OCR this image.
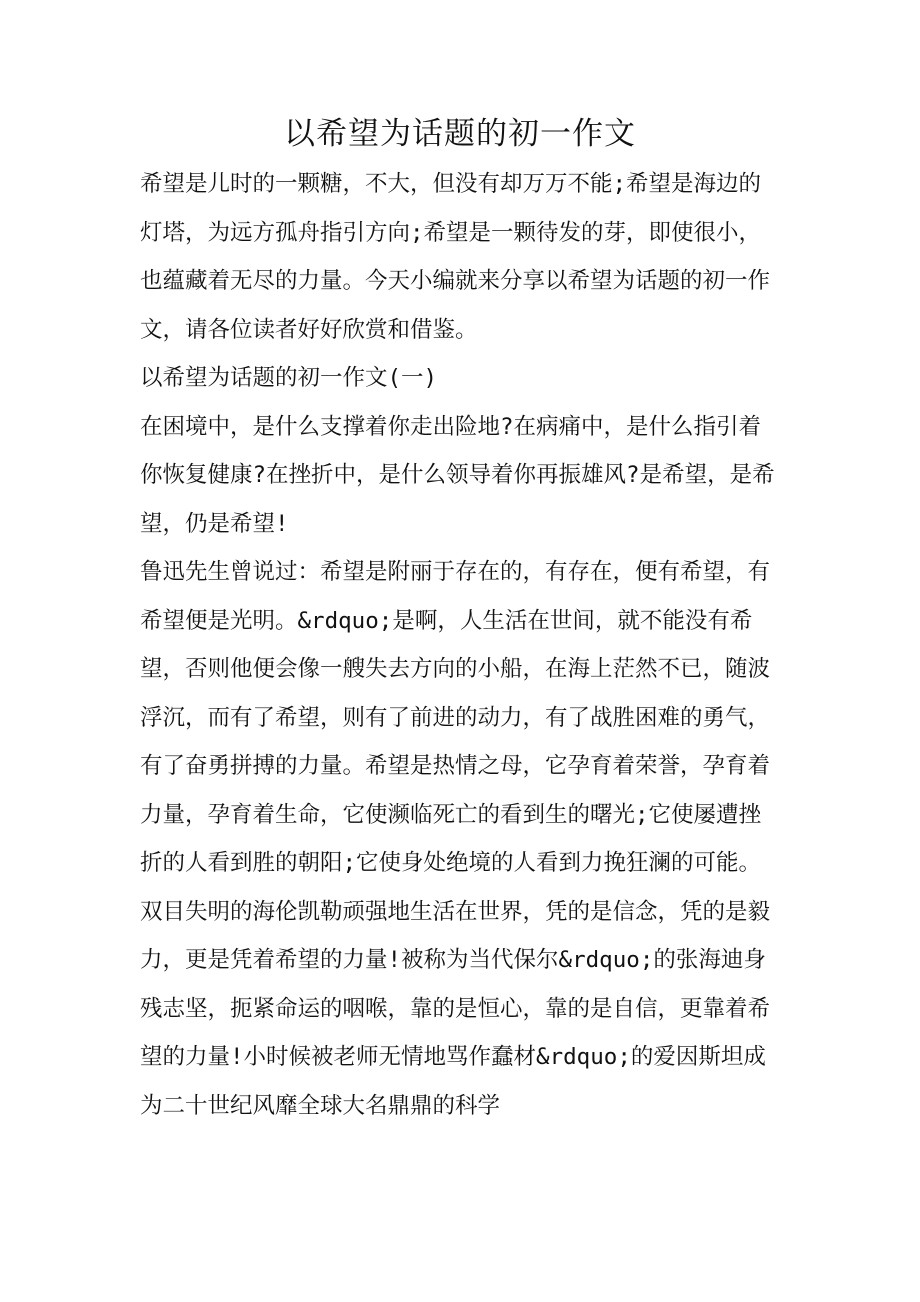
以希望为话题的初一作文

希望是儿时的一颗糖，不大，但没有却万万不能;希望是海边的灯塔，为远方孤舟指引方向;希望是一颗待发的芽，即使很小，也蕴藏着无尽的力量。今天小编就来分享以希望为话题的初一作文，请各位读者好好欣赏和借鉴。

以希望为话题的初一作文(一)

在困境中，是什么支撑着你走出险地?在病痛中，是什么指引着你恢复健康?在挫折中，是什么领导着你再振雄风?是希望，是希望，仍是希望!

鲁迅先生曾说过：希望是附丽于存在的，有存在，便有希望，有希望便是光明。&rdquo;是啊，人生活在世间，就不能没有希望，否则他便会像一艘失去方向的小船，在海上茫然不已，随波浮沉，而有了希望，则有了前进的动力，有了战胜困难的勇气，有了奋勇拼搏的力量。希望是热情之母，它孕育着荣誉，孕育着力量，孕育着生命，它使濒临死亡的看到生的曙光;它使屡遭挫折的人看到胜的朝阳;它使身处绝境的人看到力挽狂澜的可能。

双目失明的海伦凯勒顽强地生活在世界，凭的是信念，凭的是毅力，更是凭着希望的力量!被称为当代保尔&rdquo;的张海迪身残志坚，扼紧命运的咽喉，靠的是恒心，靠的是自信，更靠着希望的力量!小时候被老师无情地骂作蠢材&rdquo;的爱因斯坦成为二十世纪风靡全球大名鼎鼎的科学
